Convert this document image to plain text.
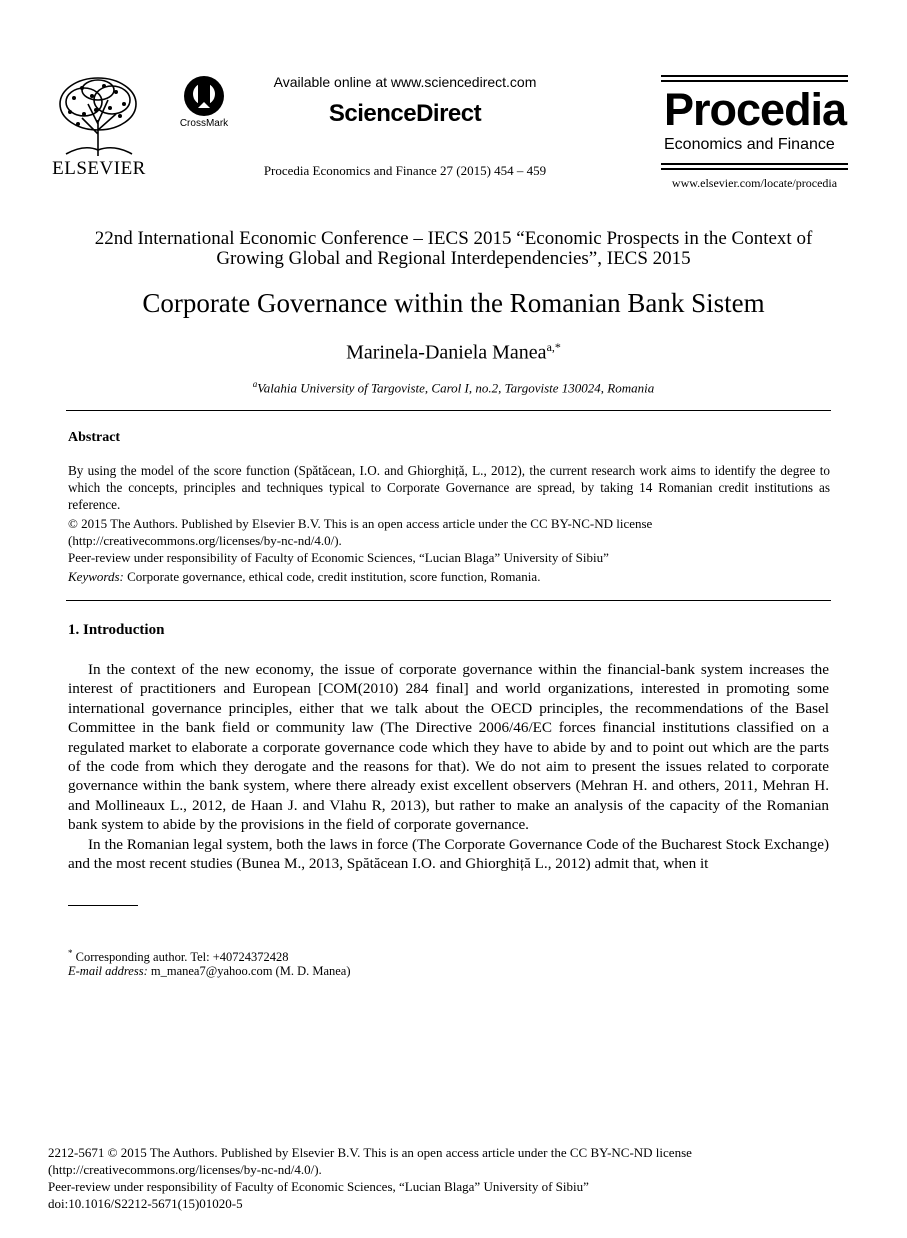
ELSEVIER
CrossMark
Available online at www.sciencedirect.com
ScienceDirect
Procedia Economics and Finance 27 (2015) 454 – 459
Procedia
Economics and Finance
www.elsevier.com/locate/procedia
22nd International Economic Conference – IECS 2015 “Economic Prospects in the Context of
Growing Global and Regional Interdependencies”, IECS 2015
Corporate Governance within the Romanian Bank Sistem
Marinela-Daniela Manea$^{a,*}$
$^a$Valahia University of Targoviste, Carol I, no.2, Targoviste 130024, Romania
Abstract

By using the model of the score function (Spătăcean, I.O. and Ghiorghiță, L., 2012), the current research work aims to identify the degree to which the concepts, principles and techniques typical to Corporate Governance are spread, by taking 14 Romanian credit institutions as reference.

© 2015 The Authors. Published by Elsevier B.V. This is an open access article under the CC BY-NC-ND license
(http://creativecommons.org/licenses/by-nc-nd/4.0/).
Peer-review under responsibility of Faculty of Economic Sciences, “Lucian Blaga” University of Sibiu”
Keywords: Corporate governance, ethical code, credit institution, score function, Romania.
1. Introduction

In the context of the new economy, the issue of corporate governance within the financial-bank system increases the interest of practitioners and European [COM(2010) 284 final] and world organizations, interested in promoting some international governance principles, either that we talk about the OECD principles, the recommendations of the Basel Committee in the bank field or community law (The Directive 2006/46/EC forces financial institutions classified on a regulated market to elaborate a corporate governance code which they have to abide by and to point out which are the parts of the code from which they derogate and the reasons for that). We do not aim to present the issues related to corporate governance within the bank system, where there already exist excellent observers (Mehran H. and others, 2011, Mehran H. and Mollineaux L., 2012, de Haan J. and Vlahu R, 2013), but rather to make an analysis of the capacity of the Romanian bank system to abide by the provisions in the field of corporate governance.

In the Romanian legal system, both the laws in force (The Corporate Governance Code of the Bucharest Stock Exchange) and the most recent studies (Bunea M., 2013, Spătăcean I.O. and Ghiorghiță L., 2012) admit that, when it

* Corresponding author. Tel: +40724372428
E-mail address: m_manea7@yahoo.com (M. D. Manea)
2212-5671 © 2015 The Authors. Published by Elsevier B.V. This is an open access article under the CC BY-NC-ND license
(http://creativecommons.org/licenses/by-nc-nd/4.0/).
Peer-review under responsibility of Faculty of Economic Sciences, “Lucian Blaga” University of Sibiu”
doi:10.1016/S2212-5671(15)01020-5
